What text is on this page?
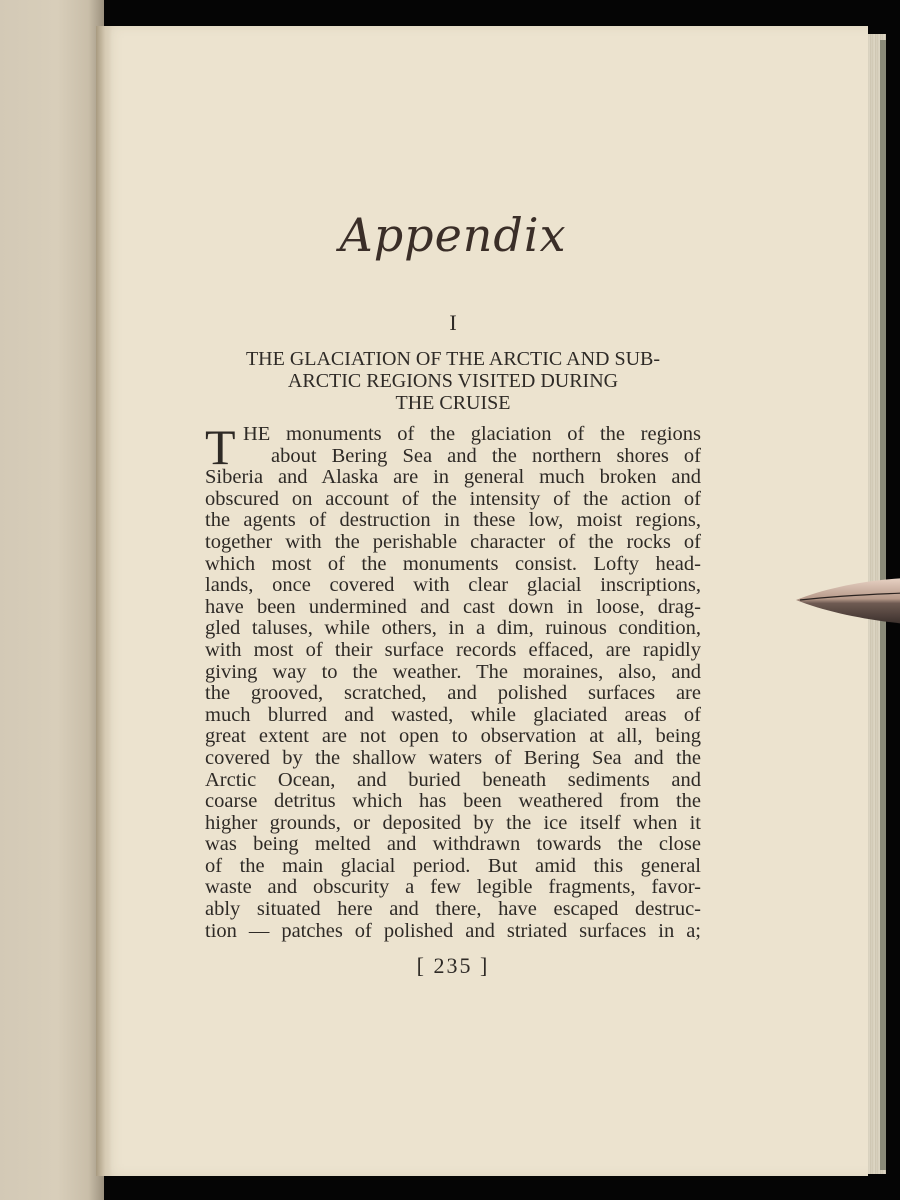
Appendix
I
THE GLACIATION OF THE ARCTIC AND SUB-
ARCTIC REGIONS VISITED DURING
THE CRUISE
T HE monuments of the glaciation of the regions
about Bering Sea and the northern shores of
Siberia and Alaska are in general much broken and
obscured on account of the intensity of the action of
the agents of destruction in these low, moist regions,
together with the perishable character of the rocks of
which most of the monuments consist. Lofty head-
lands, once covered with clear glacial inscriptions,
have been undermined and cast down in loose, drag-
gled taluses, while others, in a dim, ruinous condition,
with most of their surface records effaced, are rapidly
giving way to the weather. The moraines, also, and
the grooved, scratched, and polished surfaces are
much blurred and wasted, while glaciated areas of
great extent are not open to observation at all, being
covered by the shallow waters of Bering Sea and the
Arctic Ocean, and buried beneath sediments and
coarse detritus which has been weathered from the
higher grounds, or deposited by the ice itself when it
was being melted and withdrawn towards the close
of the main glacial period. But amid this general
waste and obscurity a few legible fragments, favor-
ably situated here and there, have escaped destruc-
tion — patches of polished and striated surfaces in a;
[ 235 ]
